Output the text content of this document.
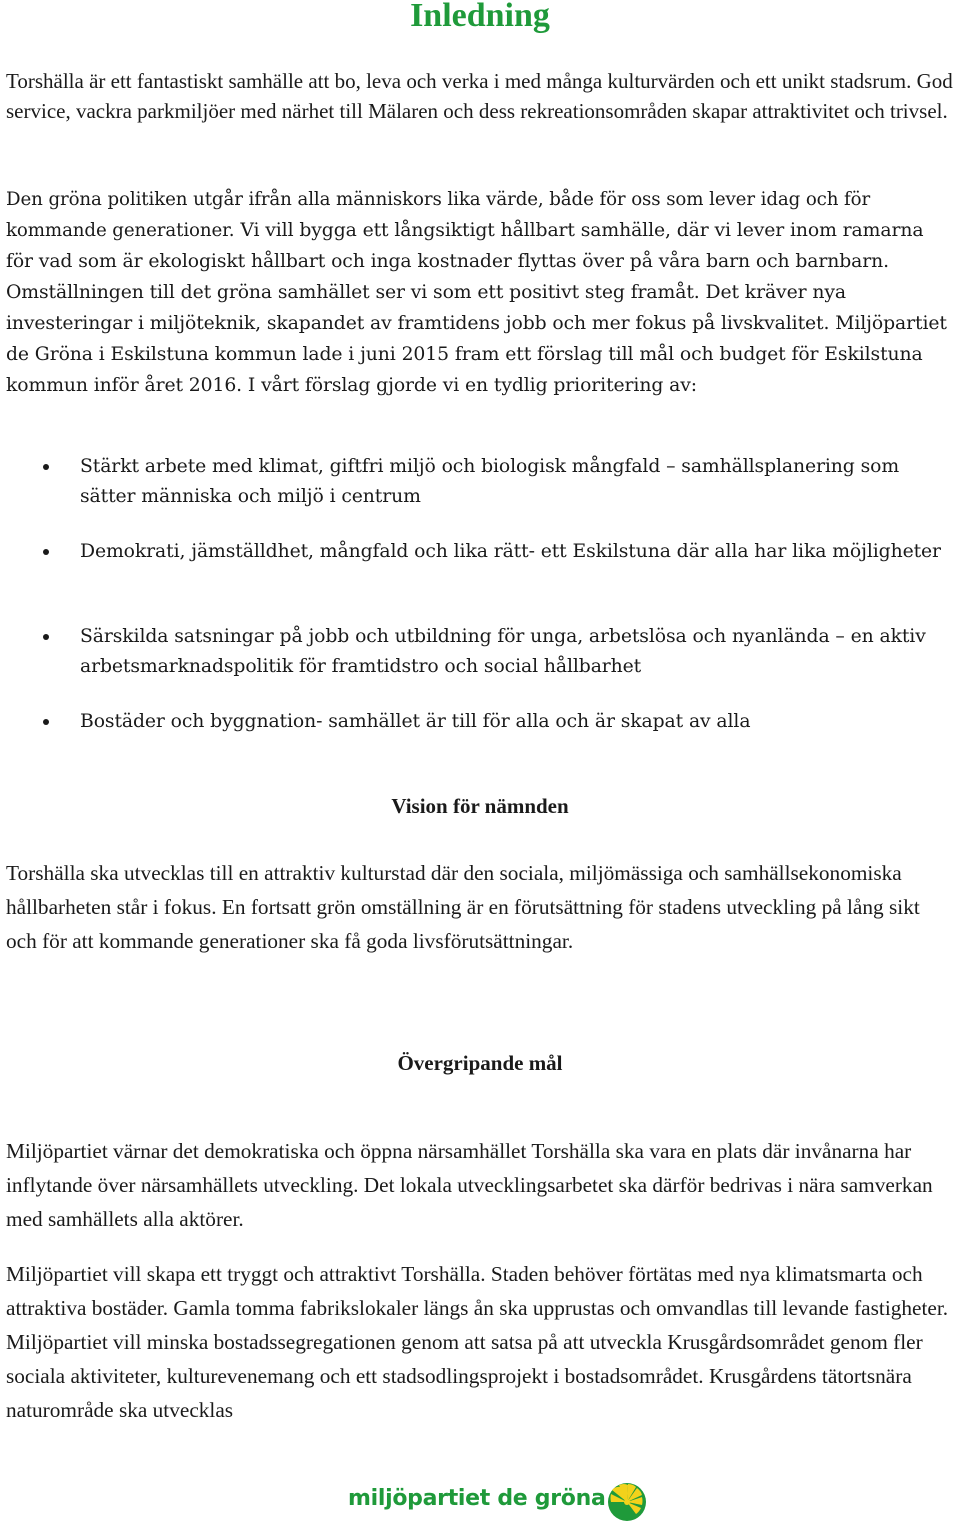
Inledning

Torshälla är ett fantastiskt samhälle att bo, leva och verka i med många kulturvärden och ett unikt stadsrum. God service, vackra parkmiljöer med närhet till Mälaren och dess rekreationsområden skapar attraktivitet och trivsel.

Den gröna politiken utgår ifrån alla människors lika värde, både för oss som lever idag och för kommande generationer. Vi vill bygga ett långsiktigt hållbart samhälle, där vi lever inom ramarna för vad som är ekologiskt hållbart och inga kostnader flyttas över på våra barn och barnbarn. Omställningen till det gröna samhället ser vi som ett positivt steg framåt. Det kräver nya investeringar i miljöteknik, skapandet av framtidens jobb och mer fokus på livskvalitet. Miljöpartiet de Gröna i Eskilstuna kommun lade i juni 2015 fram ett förslag till mål och budget för Eskilstuna kommun inför året 2016. I vårt förslag gjorde vi en tydlig prioritering av:

Stärkt arbete med klimat, giftfri miljö och biologisk mångfald – samhällsplanering som sätter människa och miljö i centrum
Demokrati, jämställdhet, mångfald och lika rätt- ett Eskilstuna där alla har lika möjligheter
Särskilda satsningar på jobb och utbildning för unga, arbetslösa och nyanlända – en aktiv arbetsmarknadspolitik för framtidstro och social hållbarhet
Bostäder och byggnation- samhället är till för alla och är skapat av alla
Vision för nämnden

Torshälla ska utvecklas till en attraktiv kulturstad där den sociala, miljömässiga och samhällsekonomiska hållbarheten står i fokus. En fortsatt grön omställning är en förutsättning för stadens utveckling på lång sikt och för att kommande generationer ska få goda livsförutsättningar.

Övergripande mål

Miljöpartiet värnar det demokratiska och öppna närsamhället Torshälla ska vara en plats där invånarna har inflytande över närsamhällets utveckling. Det lokala utvecklingsarbetet ska därför bedrivas i nära samverkan med samhällets alla aktörer.

Miljöpartiet vill skapa ett tryggt och attraktivt Torshälla. Staden behöver förtätas med nya klimatsmarta och attraktiva bostäder. Gamla tomma fabrikslokaler längs ån ska upprustas och omvandlas till levande fastigheter. Miljöpartiet vill minska bostadssegregationen genom att satsa på att utveckla Krusgårdsområdet genom fler sociala aktiviteter, kulturevenemang och ett stadsodlingsprojekt i bostadsområdet. Krusgårdens tätortsnära naturområde ska utvecklas

miljöpartiet de gröna
